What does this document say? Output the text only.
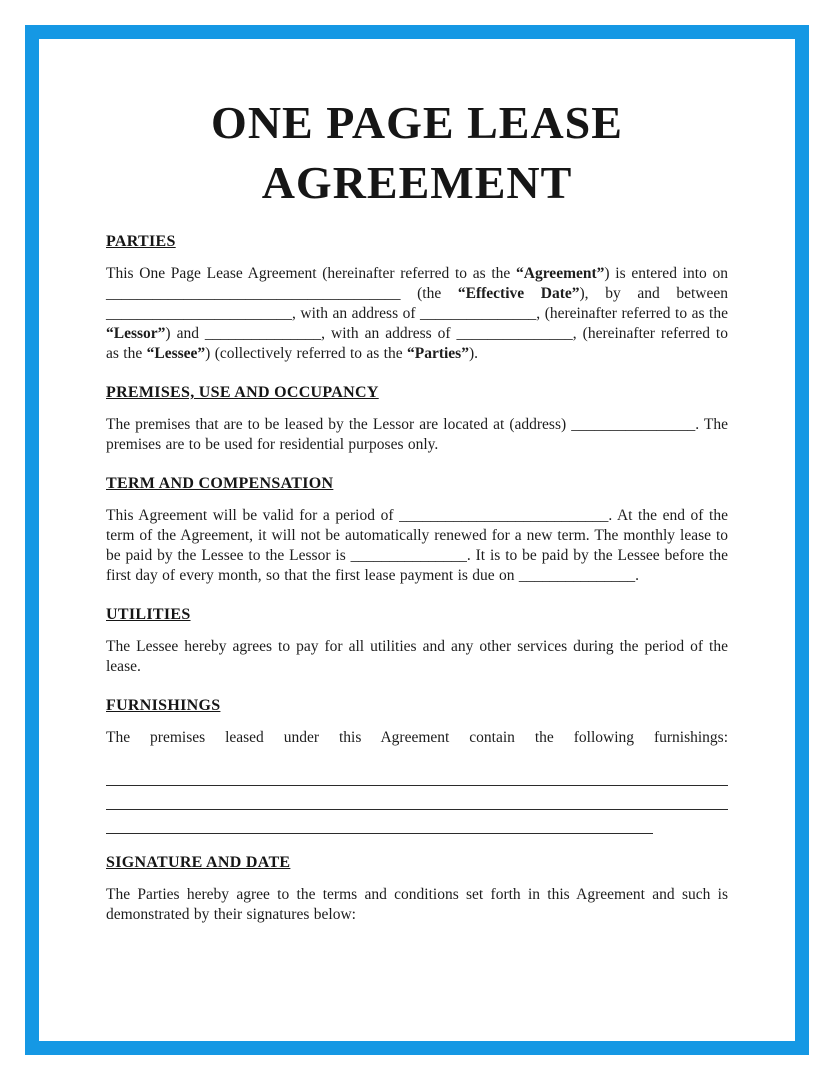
ONE PAGE LEASE
AGREEMENT
PARTIES

This One Page Lease Agreement (hereinafter referred to as the “Agreement”) is entered into on ______________________________________ (the “Effective Date”), by and between ________________________, with an address of _______________, (hereinafter referred to as the “Lessor”) and _______________, with an address of _______________, (hereinafter referred to as the “Lessee”) (collectively referred to as the “Parties”).

PREMISES, USE AND OCCUPANCY

The premises that are to be leased by the Lessor are located at (address) ________________. The premises are to be used for residential purposes only.

TERM AND COMPENSATION

This Agreement will be valid for a period of ___________________________. At the end of the term of the Agreement, it will not be automatically renewed for a new term. The monthly lease to be paid by the Lessee to the Lessor is _______________. It is to be paid by the Lessee before the first day of every month, so that the first lease payment is due on _______________.

UTILITIES

The Lessee hereby agrees to pay for all utilities and any other services during the period of the lease.

FURNISHINGS

The premises leased under this Agreement contain the following furnishings:

SIGNATURE AND DATE

The Parties hereby agree to the terms and conditions set forth in this Agreement and such is demonstrated by their signatures below:
